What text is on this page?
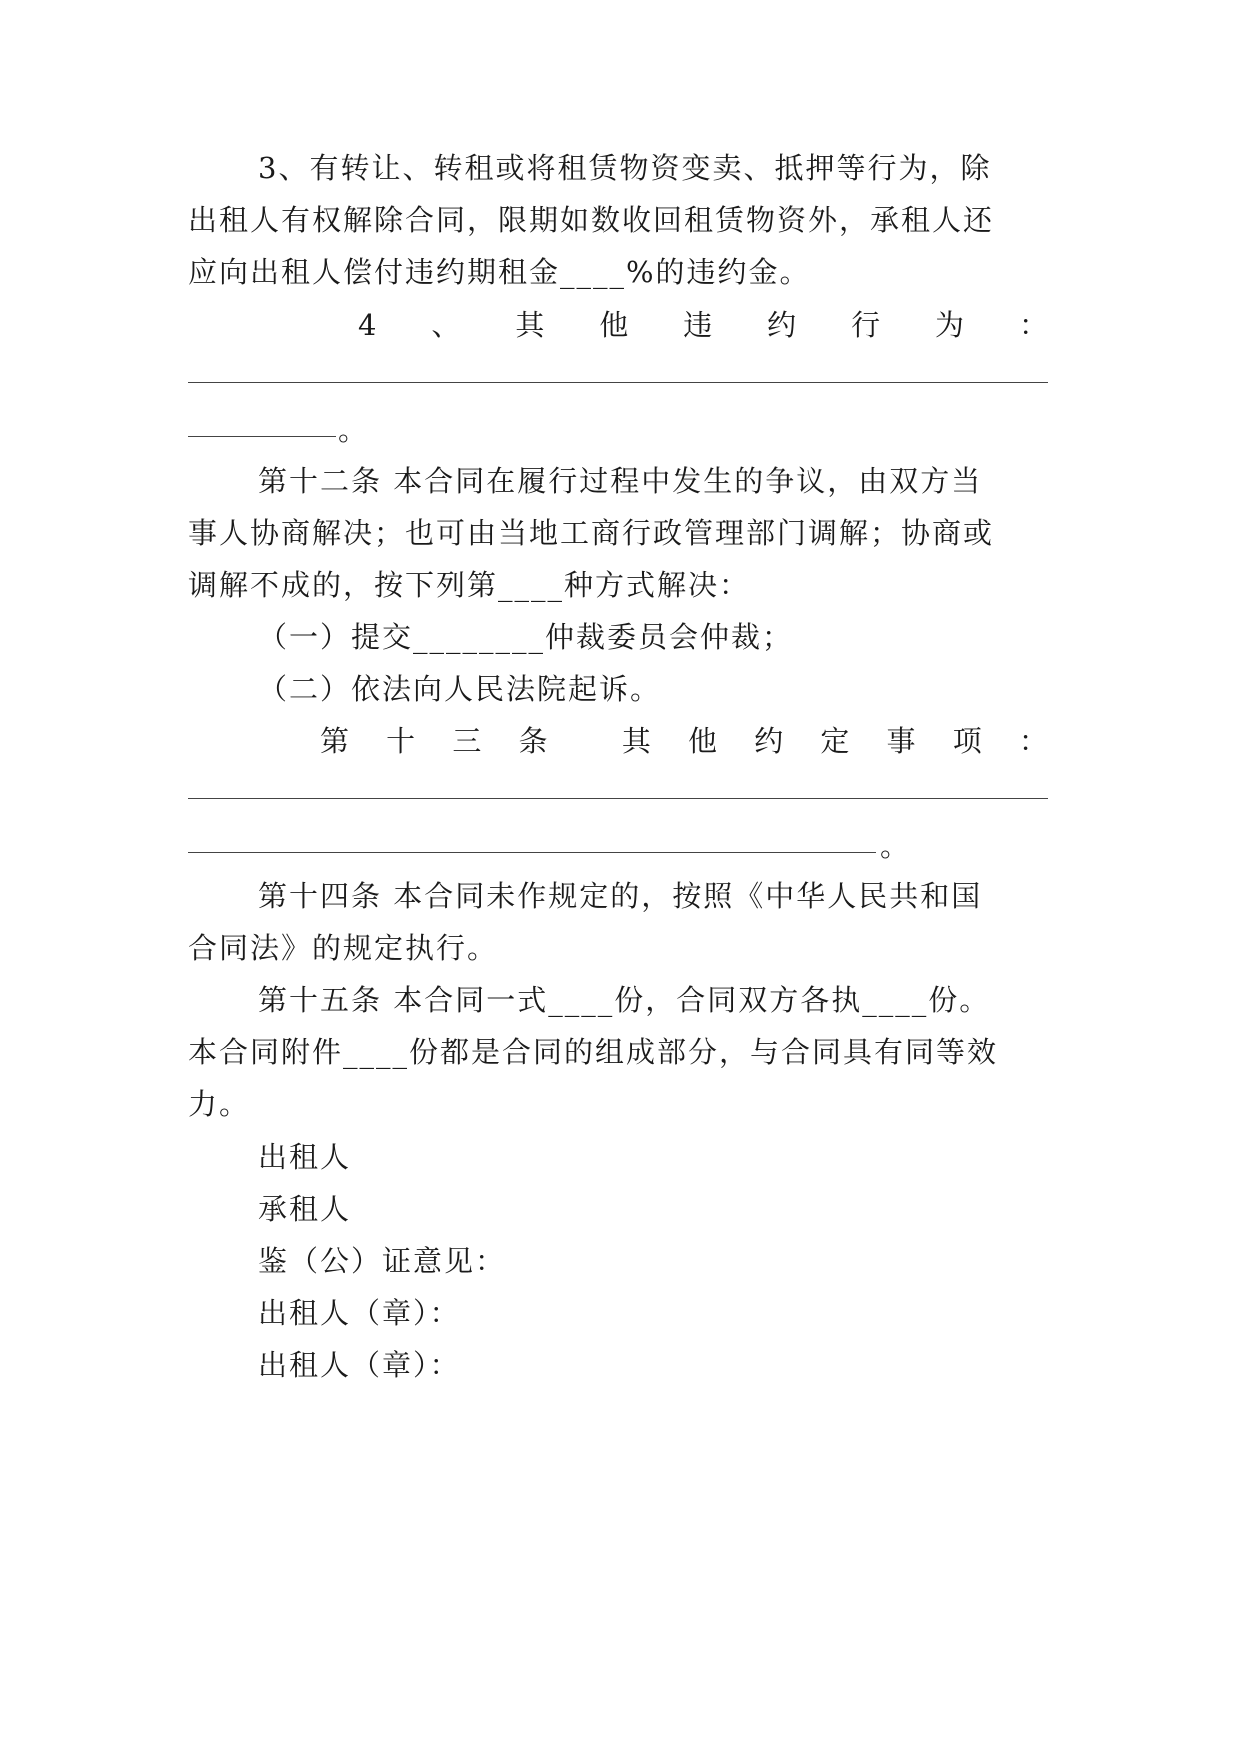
3、有转让、转租或将租赁物资变卖、抵押等行为，除
出租人有权解除合同，限期如数收回租赁物资外，承租人还
应向出租人偿付违约期租金____%的违约金。
4 、 其 他 违 约 行 为 ：
。
第十二条 本合同在履行过程中发生的争议，由双方当
事人协商解决；也可由当地工商行政管理部门调解；协商或
调解不成的，按下列第____种方式解决：
（一）提交________仲裁委员会仲裁；
（二）依法向人民法院起诉。
第 十 三 条	其 他 约 定 事 项 ：
。
第十四条 本合同未作规定的，按照《中华人民共和国
合同法》的规定执行。
第十五条 本合同一式____份，合同双方各执____份。
本合同附件____份都是合同的组成部分，与合同具有同等效
力。
出租人
承租人
鉴（公）证意见：
出租人（章）：
出租人（章）：
